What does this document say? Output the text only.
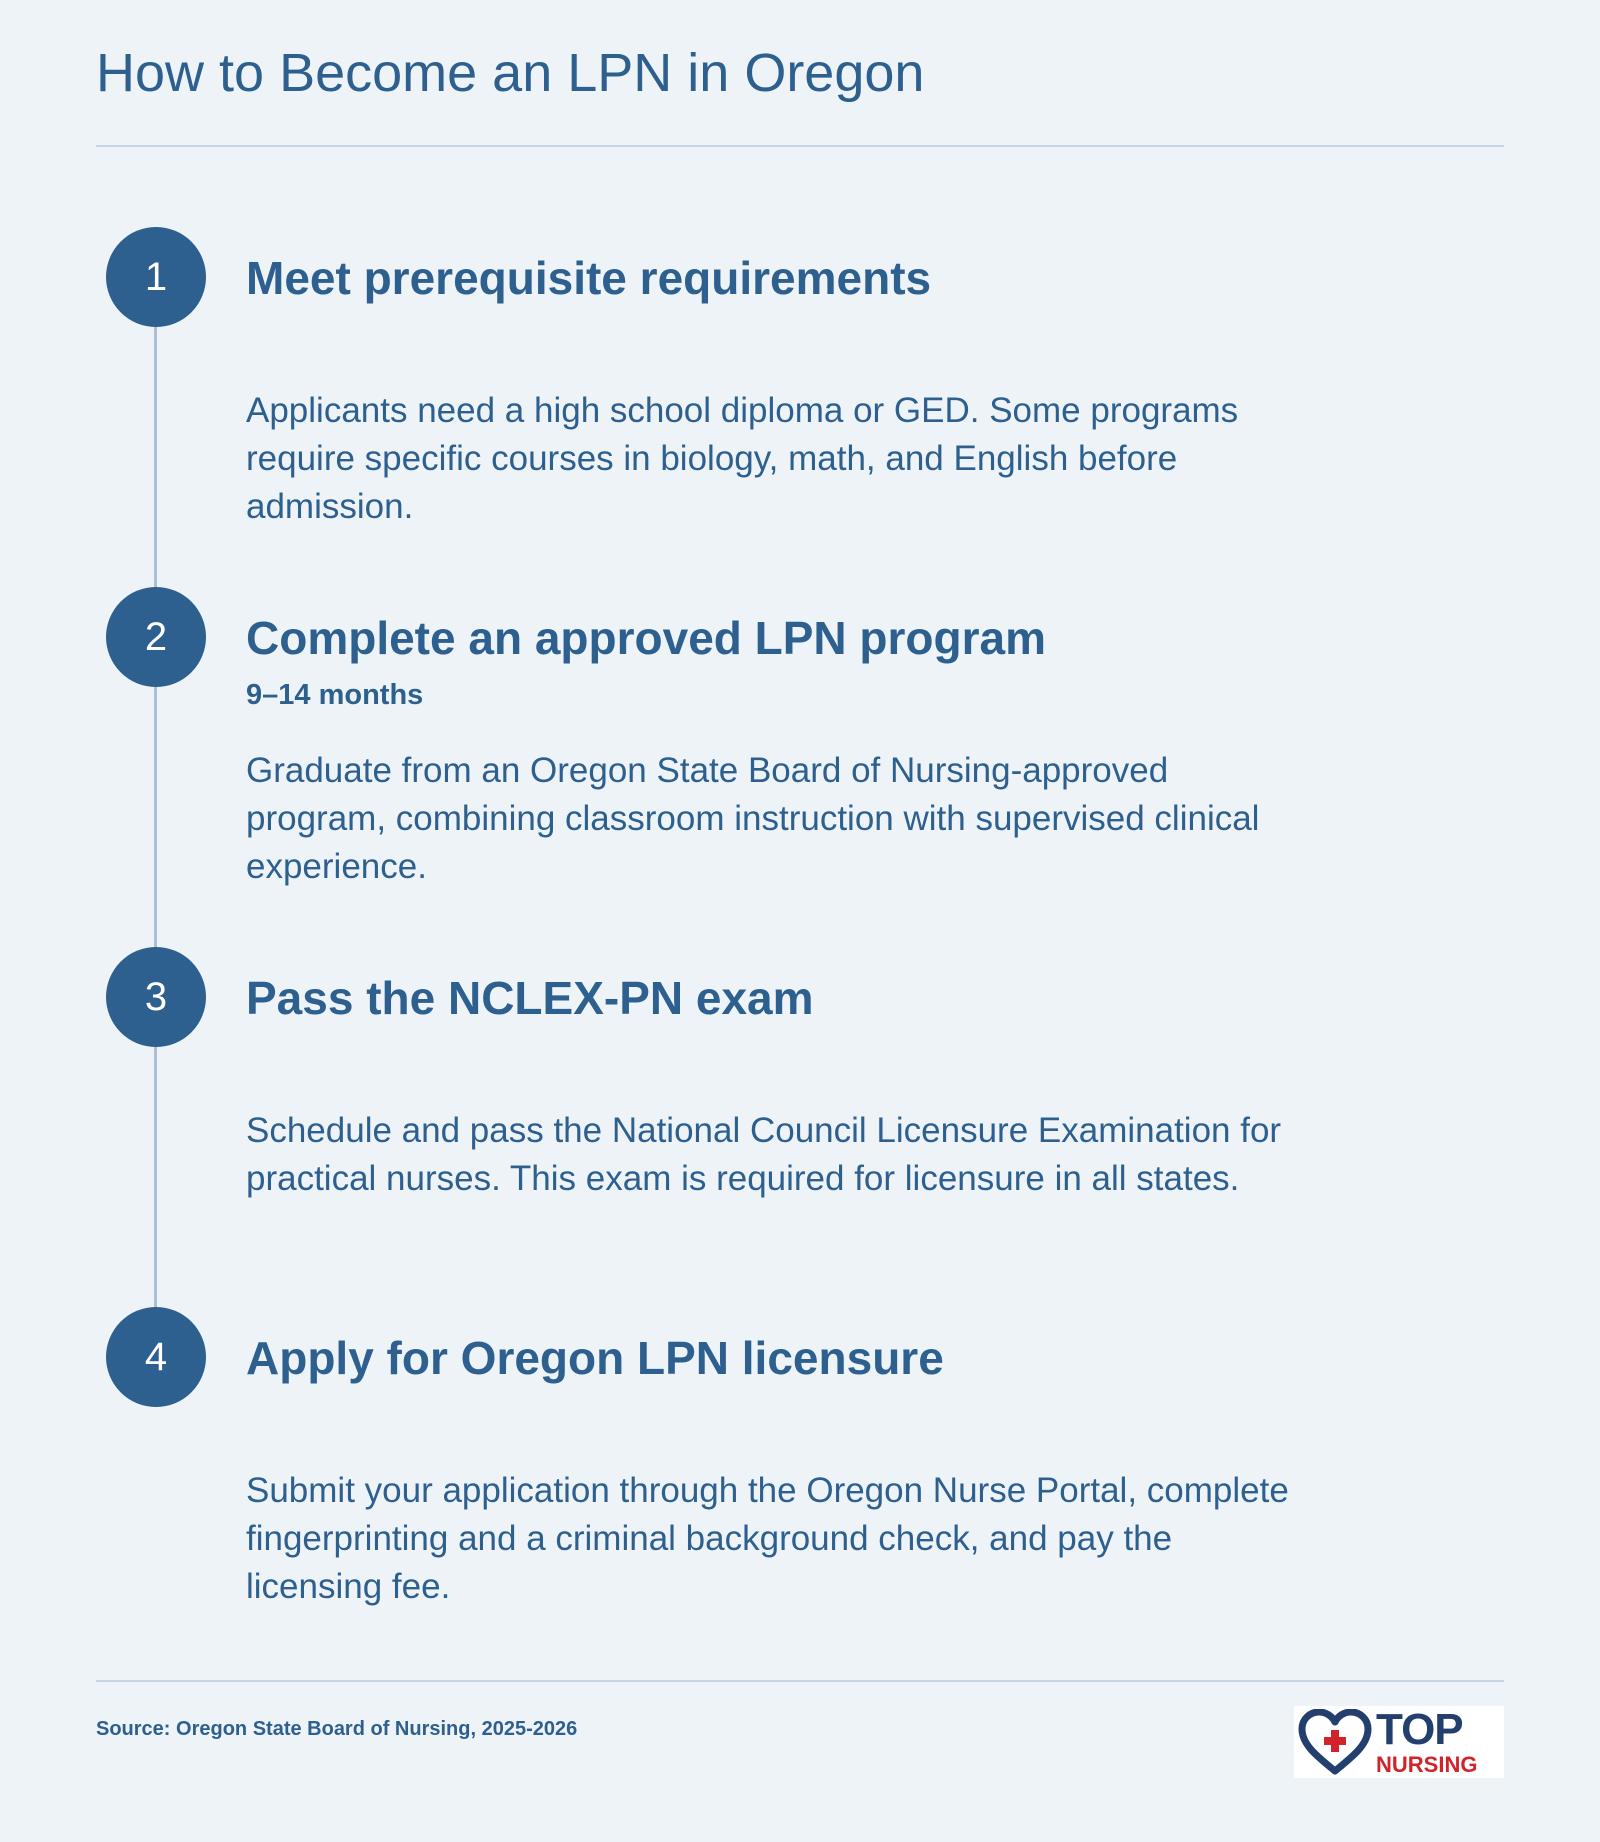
How to Become an LPN in Oregon
1	Meet prerequisite requirements
Applicants need a high school diploma or GED. Some programs require specific courses in biology, math, and English before admission.
2	Complete an approved LPN program
9–14 months
Graduate from an Oregon State Board of Nursing-approved program, combining classroom instruction with supervised clinical experience.
3	Pass the NCLEX-PN exam
Schedule and pass the National Council Licensure Examination for practical nurses. This exam is required for licensure in all states.
4	Apply for Oregon LPN licensure
Submit your application through the Oregon Nurse Portal, complete fingerprinting and a criminal background check, and pay the licensing fee.
Source: Oregon State Board of Nursing, 2025-2026	TOP
NURSING
